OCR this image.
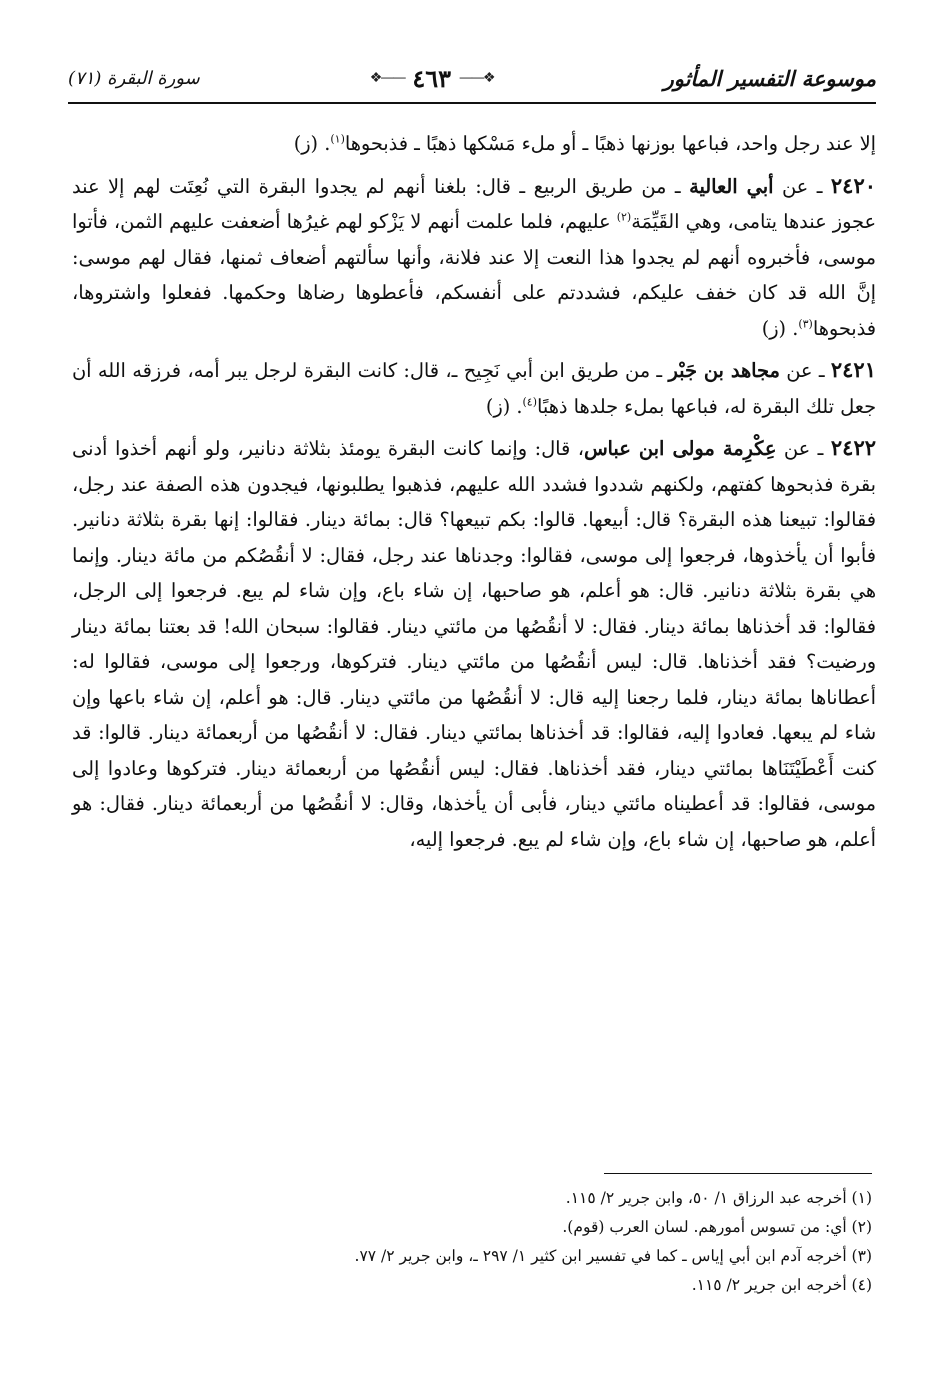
موسوعة التفسير المأثور
❖——
٤٦٣
——❖
سورة البقرة (٧١)

إلا عند رجل واحد، فباعها بوزنها ذهبًا ـ أو ملء مَسْكها ذهبًا ـ فذبحوها$^{(١)}$. (ز)

٢٤٢٠ ـ عن أبي العالية ـ من طريق الربيع ـ قال: بلغنا أنهم لم يجدوا البقرة التي نُعِتَت لهم إلا عند عجوز عندها يتامى، وهي القَيِّمَة$^{(٢)}$ عليهم، فلما علمت أنهم لا يَزْكو لهم غيرُها أضعفت عليهم الثمن، فأتوا موسى، فأخبروه أنهم لم يجدوا هذا النعت إلا عند فلانة، وأنها سألتهم أضعاف ثمنها، فقال لهم موسى: إنَّ الله قد كان خفف عليكم، فشددتم على أنفسكم، فأعطوها رضاها وحكمها. ففعلوا واشتروها، فذبحوها$^{(٣)}$. (ز)

٢٤٢١ ـ عن مجاهد بن جَبْر ـ من طريق ابن أبي نَجِيح ـ، قال: كانت البقرة لرجل يبر أمه، فرزقه الله أن جعل تلك البقرة له، فباعها بملء جلدها ذهبًا$^{(٤)}$. (ز)

٢٤٢٢ ـ عن عِكْرِمة مولى ابن عباس، قال: وإنما كانت البقرة يومئذ بثلاثة دنانير، ولو أنهم أخذوا أدنى بقرة فذبحوها كفتهم، ولكنهم شددوا فشدد الله عليهم، فذهبوا يطلبونها، فيجدون هذه الصفة عند رجل، فقالوا: تبيعنا هذه البقرة؟ قال: أبيعها. قالوا: بكم تبيعها؟ قال: بمائة دينار. فقالوا: إنها بقرة بثلاثة دنانير. فأبوا أن يأخذوها، فرجعوا إلى موسى، فقالوا: وجدناها عند رجل، فقال: لا أنقُصُكم من مائة دينار. وإنما هي بقرة بثلاثة دنانير. قال: هو أعلم، هو صاحبها، إن شاء باع، وإن شاء لم يبع. فرجعوا إلى الرجل، فقالوا: قد أخذناها بمائة دينار. فقال: لا أنقُصُها من مائتي دينار. فقالوا: سبحان الله! قد بعتنا بمائة دينار ورضيت؟ فقد أخذناها. قال: ليس أنقُصُها من مائتي دينار. فتركوها، ورجعوا إلى موسى، فقالوا له: أعطاناها بمائة دينار، فلما رجعنا إليه قال: لا أنقُصُها من مائتي دينار. قال: هو أعلم، إن شاء باعها وإن شاء لم يبعها. فعادوا إليه، فقالوا: قد أخذناها بمائتي دينار. فقال: لا أنقُصُها من أربعمائة دينار. قالوا: قد كنت أَعْطَيْتَنَاها بمائتي دينار، فقد أخذناها. فقال: ليس أنقُصُها من أربعمائة دينار. فتركوها وعادوا إلى موسى، فقالوا: قد أعطيناه مائتي دينار، فأبى أن يأخذها، وقال: لا أنقُصُها من أربعمائة دينار. فقال: هو أعلم، هو صاحبها، إن شاء باع، وإن شاء لم يبع. فرجعوا إليه،

(١) أخرجه عبد الرزاق ١/ ٥٠، وابن جرير ٢/ ١١٥.

(٢) أي: من تسوس أمورهم. لسان العرب (قوم).

(٣) أخرجه آدم ابن أبي إياس ـ كما في تفسير ابن كثير ١/ ٢٩٧ ـ، وابن جرير ٢/ ٧٧.

(٤) أخرجه ابن جرير ٢/ ١١٥.
